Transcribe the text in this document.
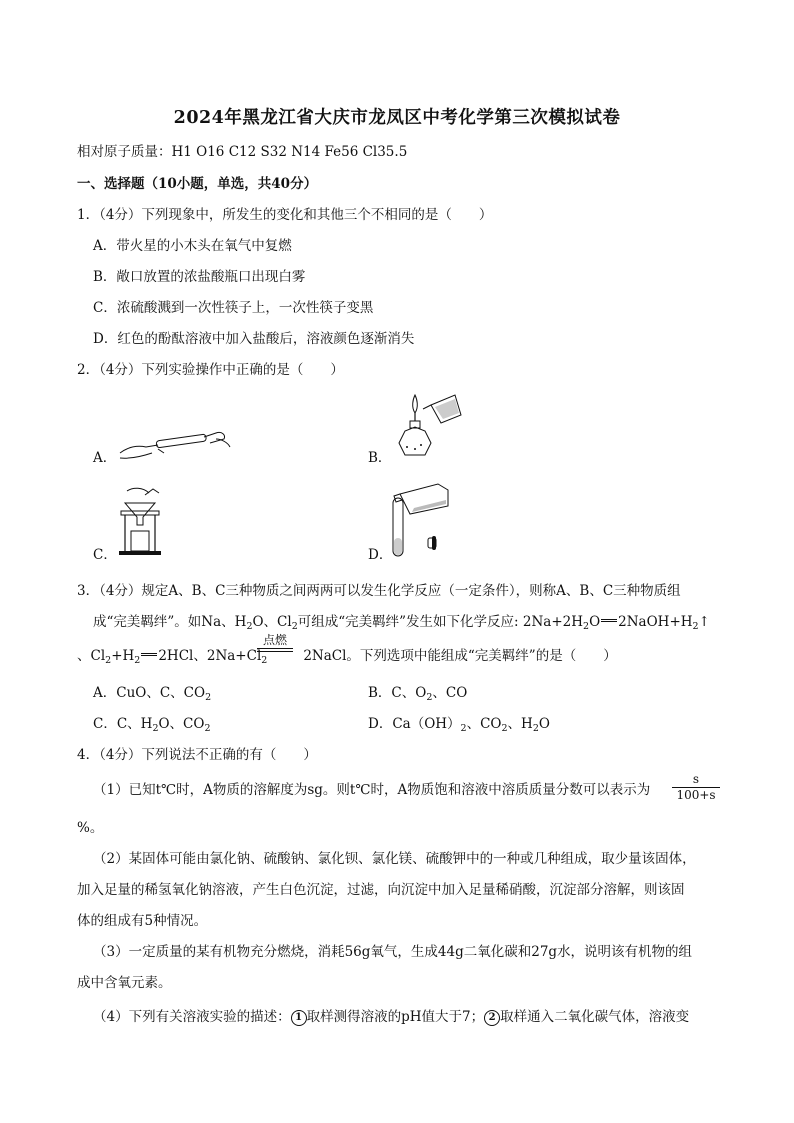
2024年黑龙江省大庆市龙凤区中考化学第三次模拟试卷
相对原子质量：H1 O16 C12 S32 N14 Fe56 Cl35.5
一、选择题（10小题，单选，共40分）
1．（4分）下列现象中，所发生的变化和其他三个不相同的是（　　）
A．带火星的小木头在氧气中复燃
B．敞口放置的浓盐酸瓶口出现白雾
C．浓硫酸溅到一次性筷子上，一次性筷子变黑
D．红色的酚酞溶液中加入盐酸后，溶液颜色逐渐消失
2．（4分）下列实验操作中正确的是（　　）
A．	B．
C．	D．
3．（4分）规定A、B、C三种物质之间两两可以发生化学反应（一定条件），则称A、B、C三种物质组
成“完美羁绊”。如Na、$H_2O$、$Cl_2$可组成“完美羁绊”发生如下化学反应: $2Na+2H_2O$ $2NaOH+H_2↑$
、$Cl_2+H_2$ 2HCl、$2Na+Cl_2$	2NaCl。下列选项中能组成“完美羁绊”的是（　　）
点燃
A．CuO、C、$CO_2$	B．C、$O_2$、CO
C．C、$H_2O$、$CO_2$	D．$Ca(OH)_2$、$CO_2$、$H_2O$
4．（4分）下列说法不正确的有（　　）
（1）已知t℃时，A物质的溶解度为sg。则t℃时，A物质饱和溶液中溶质质量分数可以表示为 $\frac{s}{100+s}$
%。
（2）某固体可能由氯化钠、硫酸钠、氯化钡、氯化镁、硫酸钾中的一种或几种组成，取少量该固体，
加入足量的稀氢氧化钠溶液，产生白色沉淀，过滤，向沉淀中加入足量稀硝酸，沉淀部分溶解，则该固
体的组成有5种情况。
（3）一定质量的某有机物充分燃烧，消耗56g氧气，生成44g二氧化碳和27g水，说明该有机物的组
成中含氧元素。
（4）下列有关溶液实验的描述： 1 取样测得溶液的pH值大于7； 2 取样通入二氧化碳气体，溶液变
